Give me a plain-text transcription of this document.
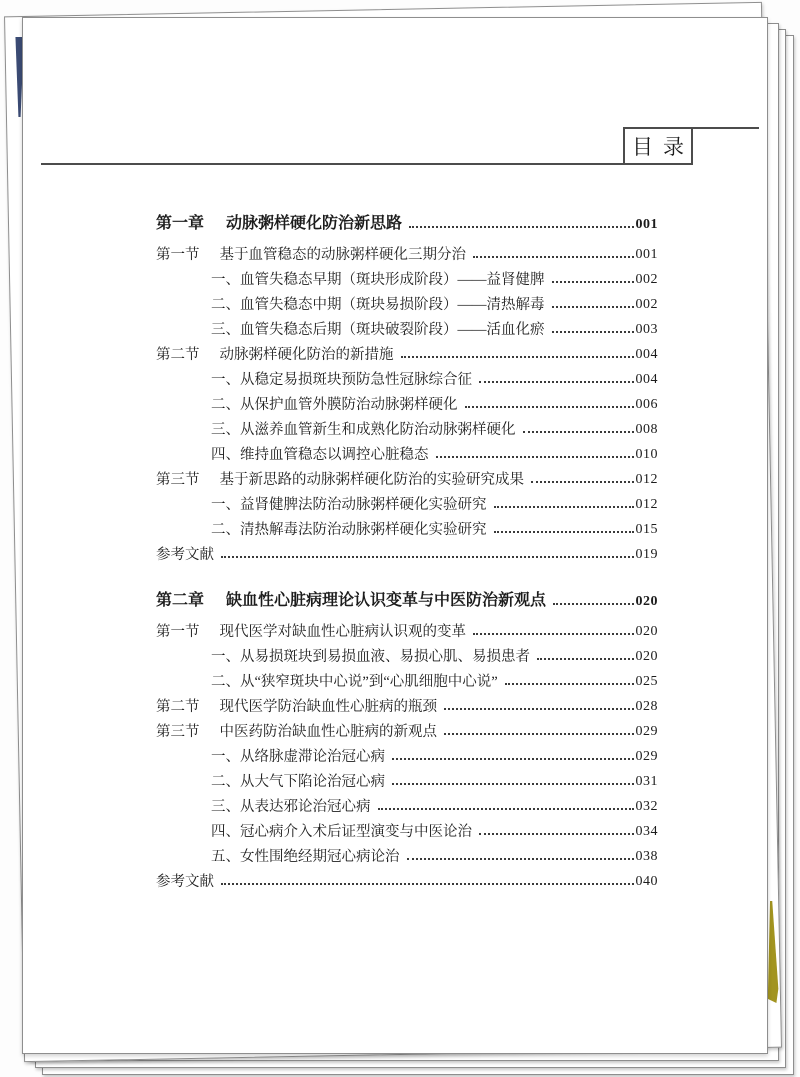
目录
第一章 动脉粥样硬化防治新思路	001
第一节 基于血管稳态的动脉粥样硬化三期分治	001
一、血管失稳态早期（斑块形成阶段）——益肾健脾	002
二、血管失稳态中期（斑块易损阶段）——清热解毒	002
三、血管失稳态后期（斑块破裂阶段）——活血化瘀	003
第二节 动脉粥样硬化防治的新措施	004
一、从稳定易损斑块预防急性冠脉综合征	004
二、从保护血管外膜防治动脉粥样硬化	006
三、从滋养血管新生和成熟化防治动脉粥样硬化	008
四、维持血管稳态以调控心脏稳态	010
第三节 基于新思路的动脉粥样硬化防治的实验研究成果	012
一、益肾健脾法防治动脉粥样硬化实验研究	012
二、清热解毒法防治动脉粥样硬化实验研究	015
参考文献	019
第二章 缺血性心脏病理论认识变革与中医防治新观点	020
第一节 现代医学对缺血性心脏病认识观的变革	020
一、从易损斑块到易损血液、易损心肌、易损患者	020
二、从“狭窄斑块中心说”到“心肌细胞中心说”	025
第二节 现代医学防治缺血性心脏病的瓶颈	028
第三节 中医药防治缺血性心脏病的新观点	029
一、从络脉虚滞论治冠心病	029
二、从大气下陷论治冠心病	031
三、从表达邪论治冠心病	032
四、冠心病介入术后证型演变与中医论治	034
五、女性围绝经期冠心病论治	038
参考文献	040
